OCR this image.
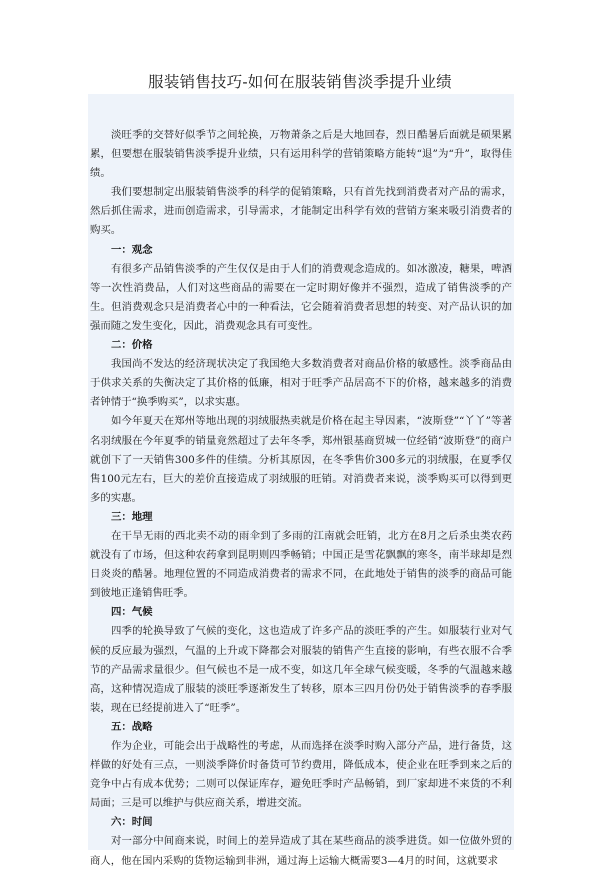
服装销售技巧-如何在服装销售淡季提升业绩

淡旺季的交替好似季节之间轮换，万物萧条之后是大地回春，烈日酷暑后面就是硕果累累，但要想在服装销售淡季提升业绩，只有运用科学的营销策略方能转“退”为“升”，取得佳绩。

我们要想制定出服装销售淡季的科学的促销策略，只有首先找到消费者对产品的需求，然后抓住需求，进而创造需求，引导需求，才能制定出科学有效的营销方案来吸引消费者的购买。

一：观念

有很多产品销售淡季的产生仅仅是由于人们的消费观念造成的。如冰激凌，糖果，啤酒等一次性消费品，人们对这些商品的需要在一定时期好像并不强烈，造成了销售淡季的产生。但消费观念只是消费者心中的一种看法，它会随着消费者思想的转变、对产品认识的加强而随之发生变化，因此，消费观念具有可变性。

二：价格

我国尚不发达的经济现状决定了我国绝大多数消费者对商品价格的敏感性。淡季商品由于供求关系的失衡决定了其价格的低廉，相对于旺季产品居高不下的价格，越来越多的消费者钟情于“换季购买”，以求实惠。

如今年夏天在郑州等地出现的羽绒服热卖就是价格在起主导因素，“波斯登”“丫丫”等著名羽绒服在今年夏季的销量竟然超过了去年冬季，郑州银基商贸城一位经销“波斯登”的商户就创下了一天销售300多件的佳绩。分析其原因，在冬季售价300多元的羽绒服，在夏季仅售100元左右，巨大的差价直接造成了羽绒服的旺销。对消费者来说，淡季购买可以得到更多的实惠。

三：地理

在干旱无雨的西北卖不动的雨伞到了多雨的江南就会旺销，北方在8月之后杀虫类农药就没有了市场，但这种农药拿到昆明则四季畅销；中国正是雪花飘飘的寒冬，南半球却是烈日炎炎的酷暑。地理位置的不同造成消费者的需求不同，在此地处于销售的淡季的商品可能到彼地正逢销售旺季。

四：气候

四季的轮换导致了气候的变化，这也造成了许多产品的淡旺季的产生。如服装行业对气候的反应最为强烈，气温的上升或下降都会对服装的销售产生直接的影响，有些衣服不合季节的产品需求量很少。但气候也不是一成不变，如这几年全球气候变暖，冬季的气温越来越高，这种情况造成了服装的淡旺季逐渐发生了转移，原本三四月份仍处于销售淡季的春季服装，现在已经提前进入了“旺季”。

五：战略

作为企业，可能会出于战略性的考虑，从而选择在淡季时购入部分产品，进行备货，这样做的好处有三点，一则淡季降价时备货可节约费用，降低成本，使企业在旺季到来之后的竞争中占有成本优势；二则可以保证库存，避免旺季时产品畅销，到厂家却进不来货的不利局面；三是可以维护与供应商关系，增进交流。

六：时间

对一部分中间商来说，时间上的差异造成了其在某些商品的淡季进货。如一位做外贸的商人，他在国内采购的货物运输到非洲，通过海上运输大概需要3—4月的时间，这就要求
